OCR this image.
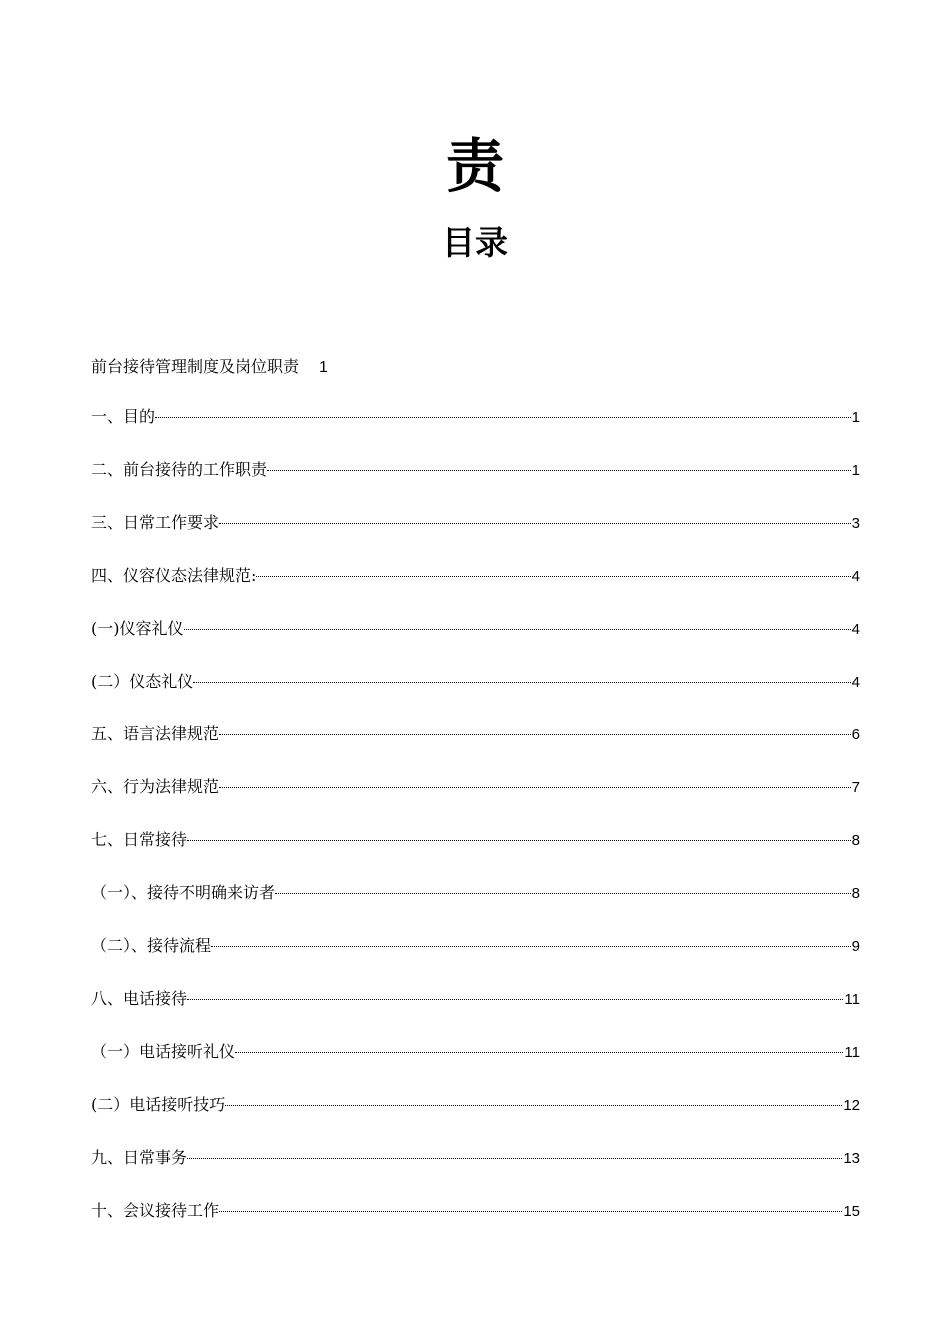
责
目录
前台接待管理制度及岗位职责 1
一、目的	1
二、前台接待的工作职责	1
三、日常工作要求	3
四、仪容仪态法律规范:	4
(一)仪容礼仪	4
(二）仪态礼仪	4
五、语言法律规范	6
六、行为法律规范	7
七、日常接待	8
（一）、接待不明确来访者	8
（二）、接待流程	9
八、电话接待	11
（一）电话接听礼仪	11
(二）电话接听技巧	12
九、日常事务	13
十、会议接待工作	15
